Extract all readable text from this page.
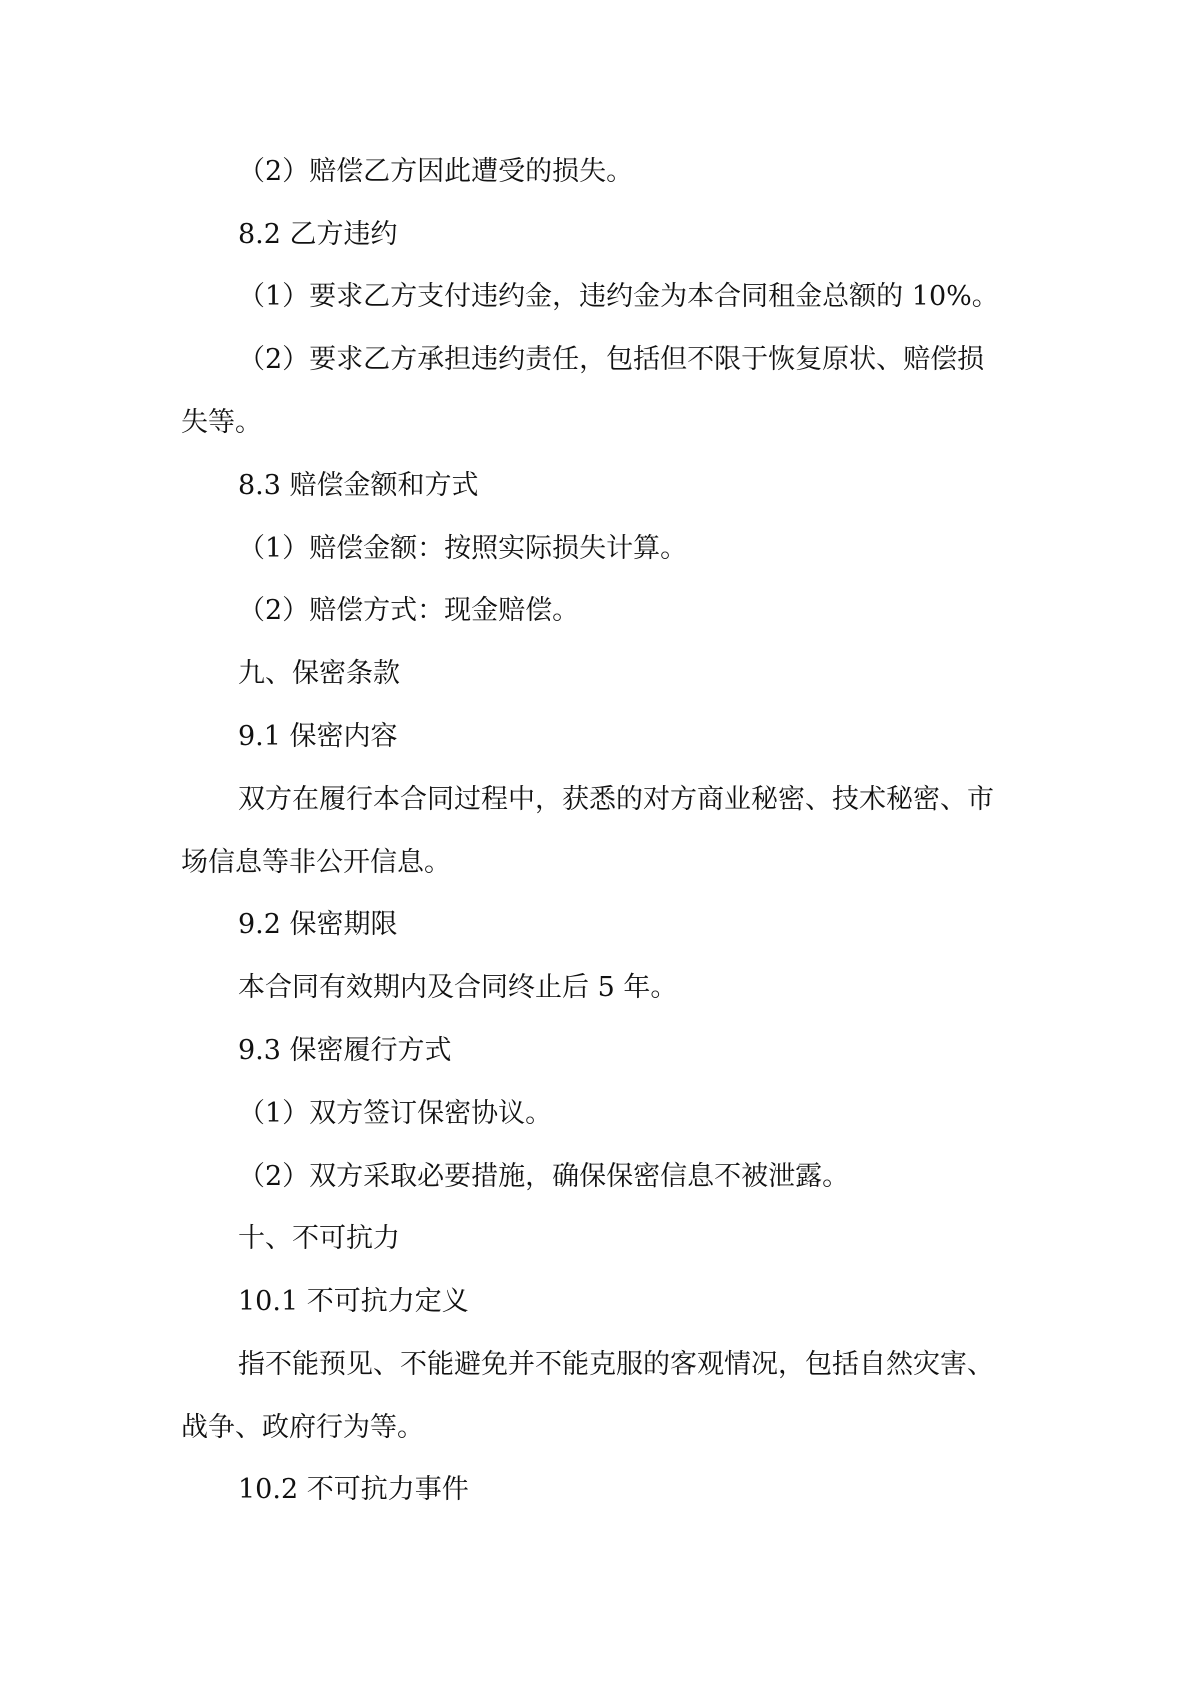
（2）赔偿乙方因此遭受的损失。
8.2 乙方违约
（1）要求乙方支付违约金，违约金为本合同租金总额的 10%。
（2）要求乙方承担违约责任，包括但不限于恢复原状、赔偿损
失等。
8.3 赔偿金额和方式
（1）赔偿金额：按照实际损失计算。
（2）赔偿方式：现金赔偿。
九、保密条款
9.1 保密内容
双方在履行本合同过程中，获悉的对方商业秘密、技术秘密、市
场信息等非公开信息。
9.2 保密期限
本合同有效期内及合同终止后 5 年。
9.3 保密履行方式
（1）双方签订保密协议。
（2）双方采取必要措施，确保保密信息不被泄露。
十、不可抗力
10.1 不可抗力定义
指不能预见、不能避免并不能克服的客观情况，包括自然灾害、
战争、政府行为等。
10.2 不可抗力事件
